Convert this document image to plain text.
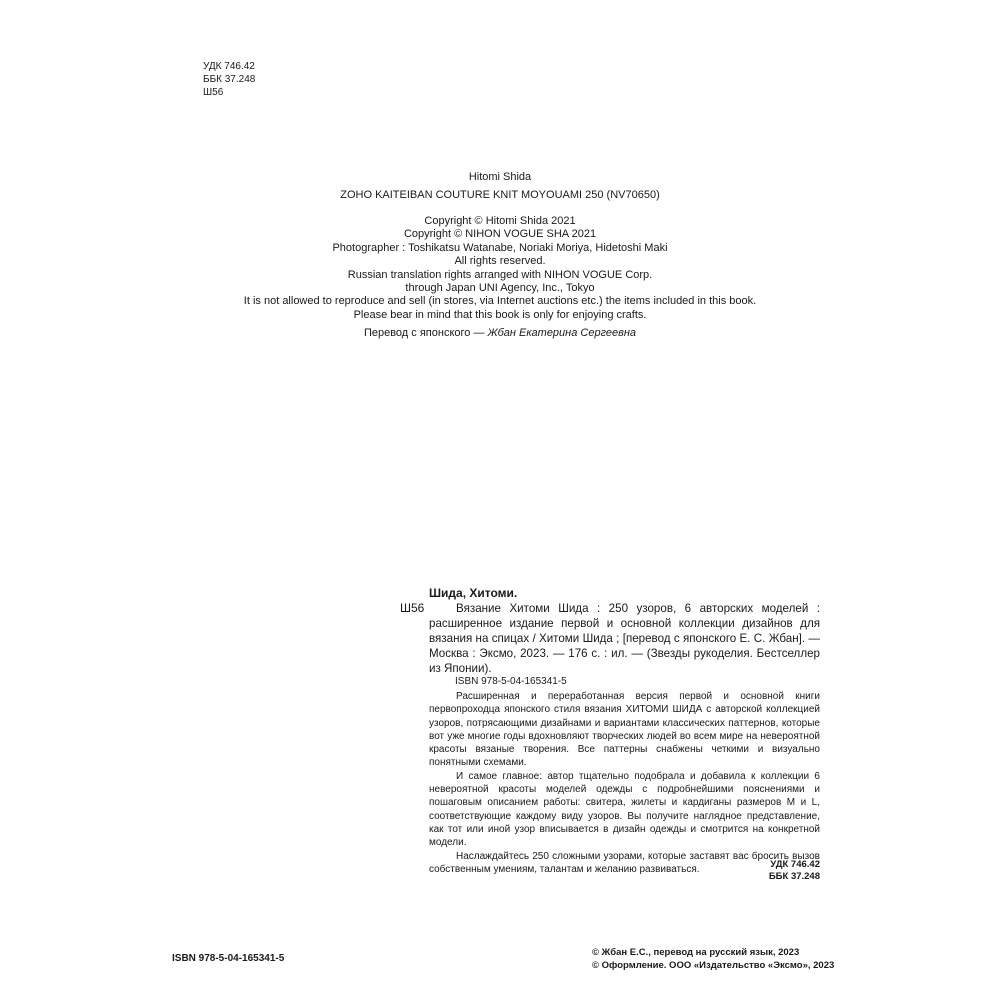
УДК 746.42
ББК 37.248
Ш56
Hitomi Shida
ZOHO KAITEIBAN COUTURE KNIT MOYOUAMI 250 (NV70650)
Copyright © Hitomi Shida 2021
Copyright © NIHON VOGUE SHA 2021
Photographer : Toshikatsu Watanabe, Noriaki Moriya, Hidetoshi Maki
All rights reserved.
Russian translation rights arranged with NIHON VOGUE Corp.
through Japan UNI Agency, Inc., Tokyo
It is not allowed to reproduce and sell (in stores, via Internet auctions etc.) the items included in this book.
Please bear in mind that this book is only for enjoying crafts.
Перевод с японского — Жбан Екатерина Сергеевна
Шида, Хитоми.
Ш56	Вязание Хитоми Шида : 250 узоров, 6 авторских моделей : расширенное издание первой и основной коллекции дизайнов для вязания на спицах / Хитоми Шида ; [перевод с японского Е. С. Жбан]. — Москва : Эксмо, 2023. — 176 с. : ил. — (Звезды рукоделия. Бестселлер из Японии).
ISBN 978-5-04-165341-5

Расширенная и переработанная версия первой и основной книги первопроходца японского стиля вязания ХИТОМИ ШИДА с авторской коллекцией узоров, потрясающими дизайнами и вариантами классических паттернов, которые вот уже многие годы вдохновляют творческих людей во всем мире на невероятной красоты вязаные творения. Все паттерны снабжены четкими и визуально понятными схемами.

И самое главное: автор тщательно подобрала и добавила к коллекции 6 невероятной красоты моделей одежды с подробнейшими пояснениями и пошаговым описанием работы: свитера, жилеты и кардиганы размеров M и L, соответствующие каждому виду узоров. Вы получите наглядное представление, как тот или иной узор вписывается в дизайн одежды и смотрится на конкретной модели.

Наслаждайтесь 250 сложными узорами, которые заставят вас бросить вызов собственным умениям, талантам и желанию развиваться.	УДК 746.42
ББК 37.248
ISBN 978-5-04-165341-5
© Жбан Е.С., перевод на русский язык, 2023
© Оформление. ООО «Издательство «Эксмо», 2023
